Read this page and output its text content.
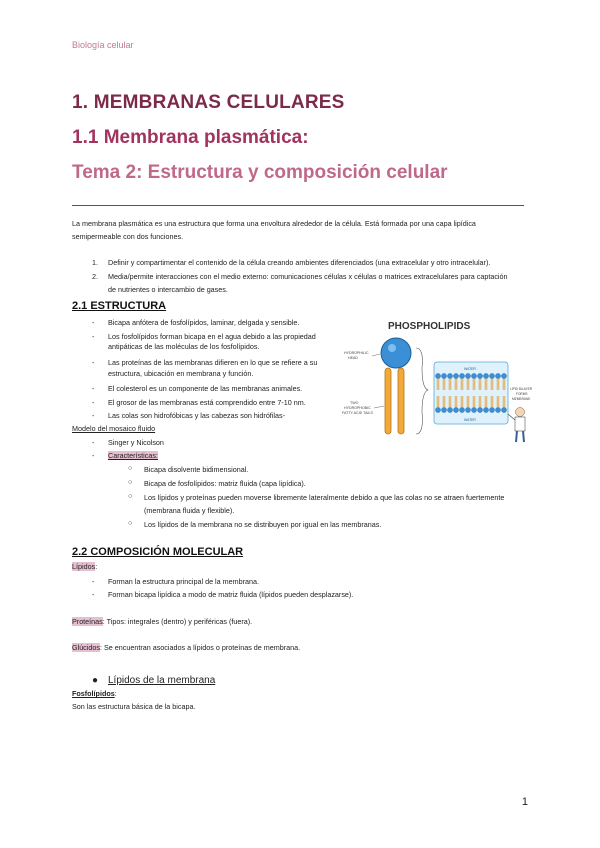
Biología celular
1. MEMBRANAS CELULARES
1.1 Membrana plasmática:
Tema 2: Estructura y composición celular
La membrana plasmática es una estructura que forma una envoltura alrededor de la célula. Está formada por una capa lipídica
semipermeable con dos funciones.
1. Definir y compartimentar el contenido de la célula creando ambientes diferenciados (una extracelular y otro intracelular).
2. Media/permite interacciones con el medio externo: comunicaciones células x células o matrices extracelulares para captación
de nutrientes o intercambio de gases.
2.1 ESTRUCTURA
- Bicapa anfótera de fosfolípidos, laminar, delgada y sensible.
- Los fosfolípidos forman bicapa en el agua debido a las propiedad
antipáticas de las moléculas de los fosfolípidos.
- Las proteínas de las membranas difieren en lo que se refiere a su
estructura, ubicación en membrana y función.
- El colesterol es un componente de las membranas animales.
- El grosor de las membranas está comprendido entre 7-10 nm.
- Las colas son hidrofóbicas y las cabezas son hidrófilas-
Modelo del mosaico fluido
- Singer y Nicolson
- Características:
○ Bicapa disolvente bidimensional.
○ Bicapa de fosfolípidos: matriz fluida (capa lipídica).
○ Los lípidos y proteínas pueden moverse libremente lateralmente debido a que las colas no se atraen fuertemente
(membrana fluida y flexible).
○ Los lípidos de la membrana no se distribuyen por igual en las membranas.
PHOSPHOLIPIDS
HYDROPHILIC
HEAD
TWO
HYDROPHOBIC
FATTY ACID TAILS
WATER
WATER
LIPID BILAYER
FORMS
MEMBRANE
2.2 COMPOSICIÓN MOLECULAR
Lípidos:
- Forman la estructura principal de la membrana.
- Forman bicapa lipídica a modo de matriz fluida (lípidos pueden desplazarse).
Proteínas: Tipos: integrales (dentro) y periféricas (fuera).
Glúcidos: Se encuentran asociados a lípidos o proteínas de membrana.
● Lípidos de la membrana
Fosfolípidos:
Son las estructura básica de la bicapa.
1
